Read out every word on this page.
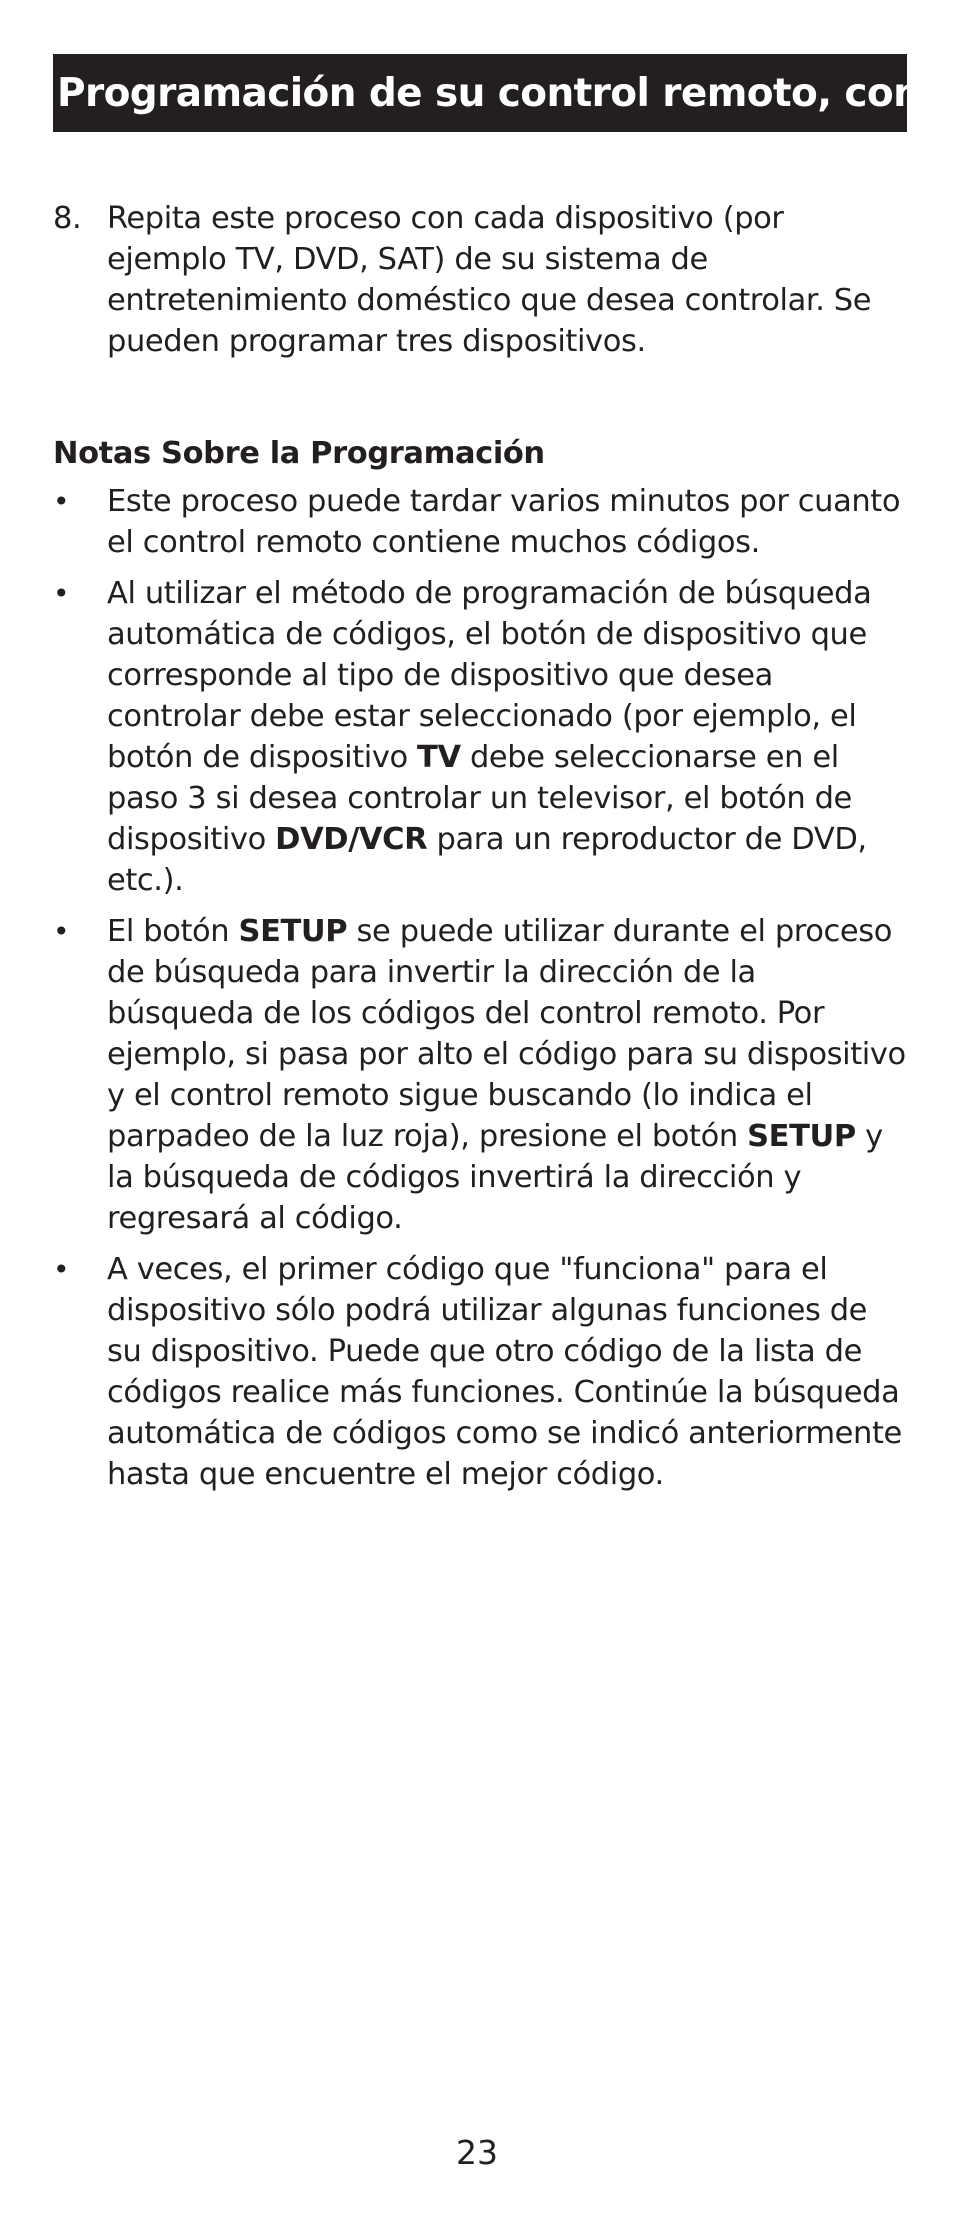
Programación de su control remoto, cont.
8. Repita este proceso con cada dispositivo (por ejemplo TV, DVD, SAT) de su sistema de entretenimiento doméstico que desea controlar. Se pueden programar tres dispositivos.
Notas Sobre la Programación
•	Este proceso puede tardar varios minutos por cuanto el control remoto contiene muchos códigos.
•	Al utilizar el método de programación de búsqueda automática de códigos, el botón de dispositivo que corresponde al tipo de dispositivo que desea controlar debe estar seleccionado (por ejemplo, el botón de dispositivo TV debe seleccionarse en el paso 3 si desea controlar un televisor, el botón de dispositivo DVD/VCR para un reproductor de DVD, etc.).
•	El botón SETUP se puede utilizar durante el proceso de búsqueda para invertir la dirección de la búsqueda de los códigos del control remoto. Por ejemplo, si pasa por alto el código para su dispositivo y el control remoto sigue buscando (lo indica el parpadeo de la luz roja), presione el botón SETUP y la búsqueda de códigos invertirá la dirección y regresará al código.
•	A veces, el primer código que "funciona" para el dispositivo sólo podrá utilizar algunas funciones de su dispositivo. Puede que otro código de la lista de códigos realice más funciones. Continúe la búsqueda automática de códigos como se indicó anteriormente hasta que encuentre el mejor código.
23
